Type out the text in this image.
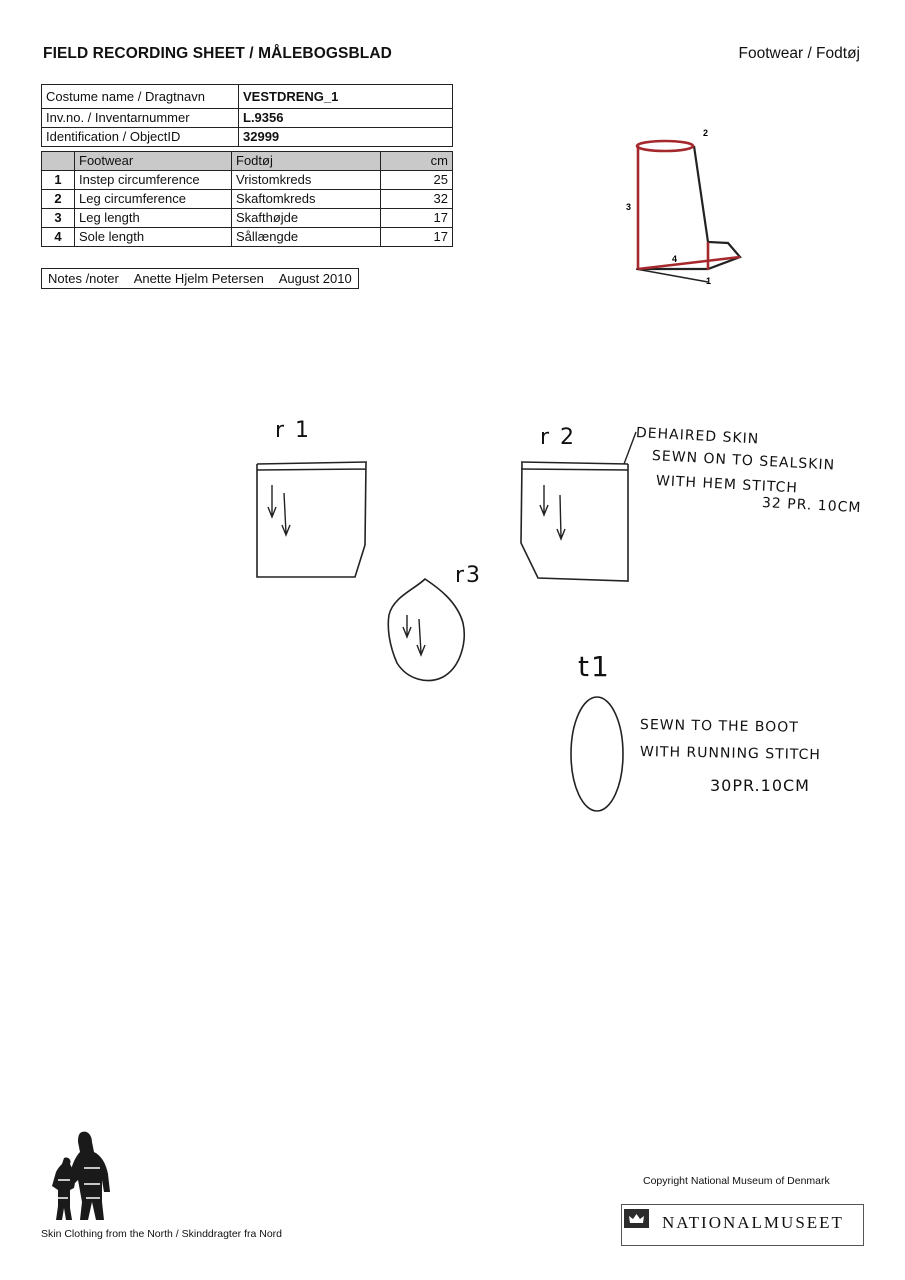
FIELD RECORDING SHEET / MÅLEBOGSBLAD	Footwear / Fodtøj
Costume name / Dragtnavn	VESTDRENG_1
Inv.no. / Inventarnummer	L.9356
Identification / ObjectID	32999
	Footwear	Fodtøj	cm
1	Instep circumference	Vristomkreds	25
2	Leg circumference	Skaftomkreds	32
3	Leg length	Skafthøjde	17
4	Sole length	Sållængde	17
Notes /noter Anette Hjelm Petersen August 2010
2
3
4
1
r 1	r 2
r3
t1
DEHAIRED SKIN
SEWN ON TO SEALSKIN
WITH HEM STITCH
32 PR. 10CM
SEWN TO THE BOOT
WITH RUNNING STITCH
30PR.10CM
Skin Clothing from the North / Skinddragter fra Nord
Copyright National Museum of Denmark
NATIONALMUSEET
